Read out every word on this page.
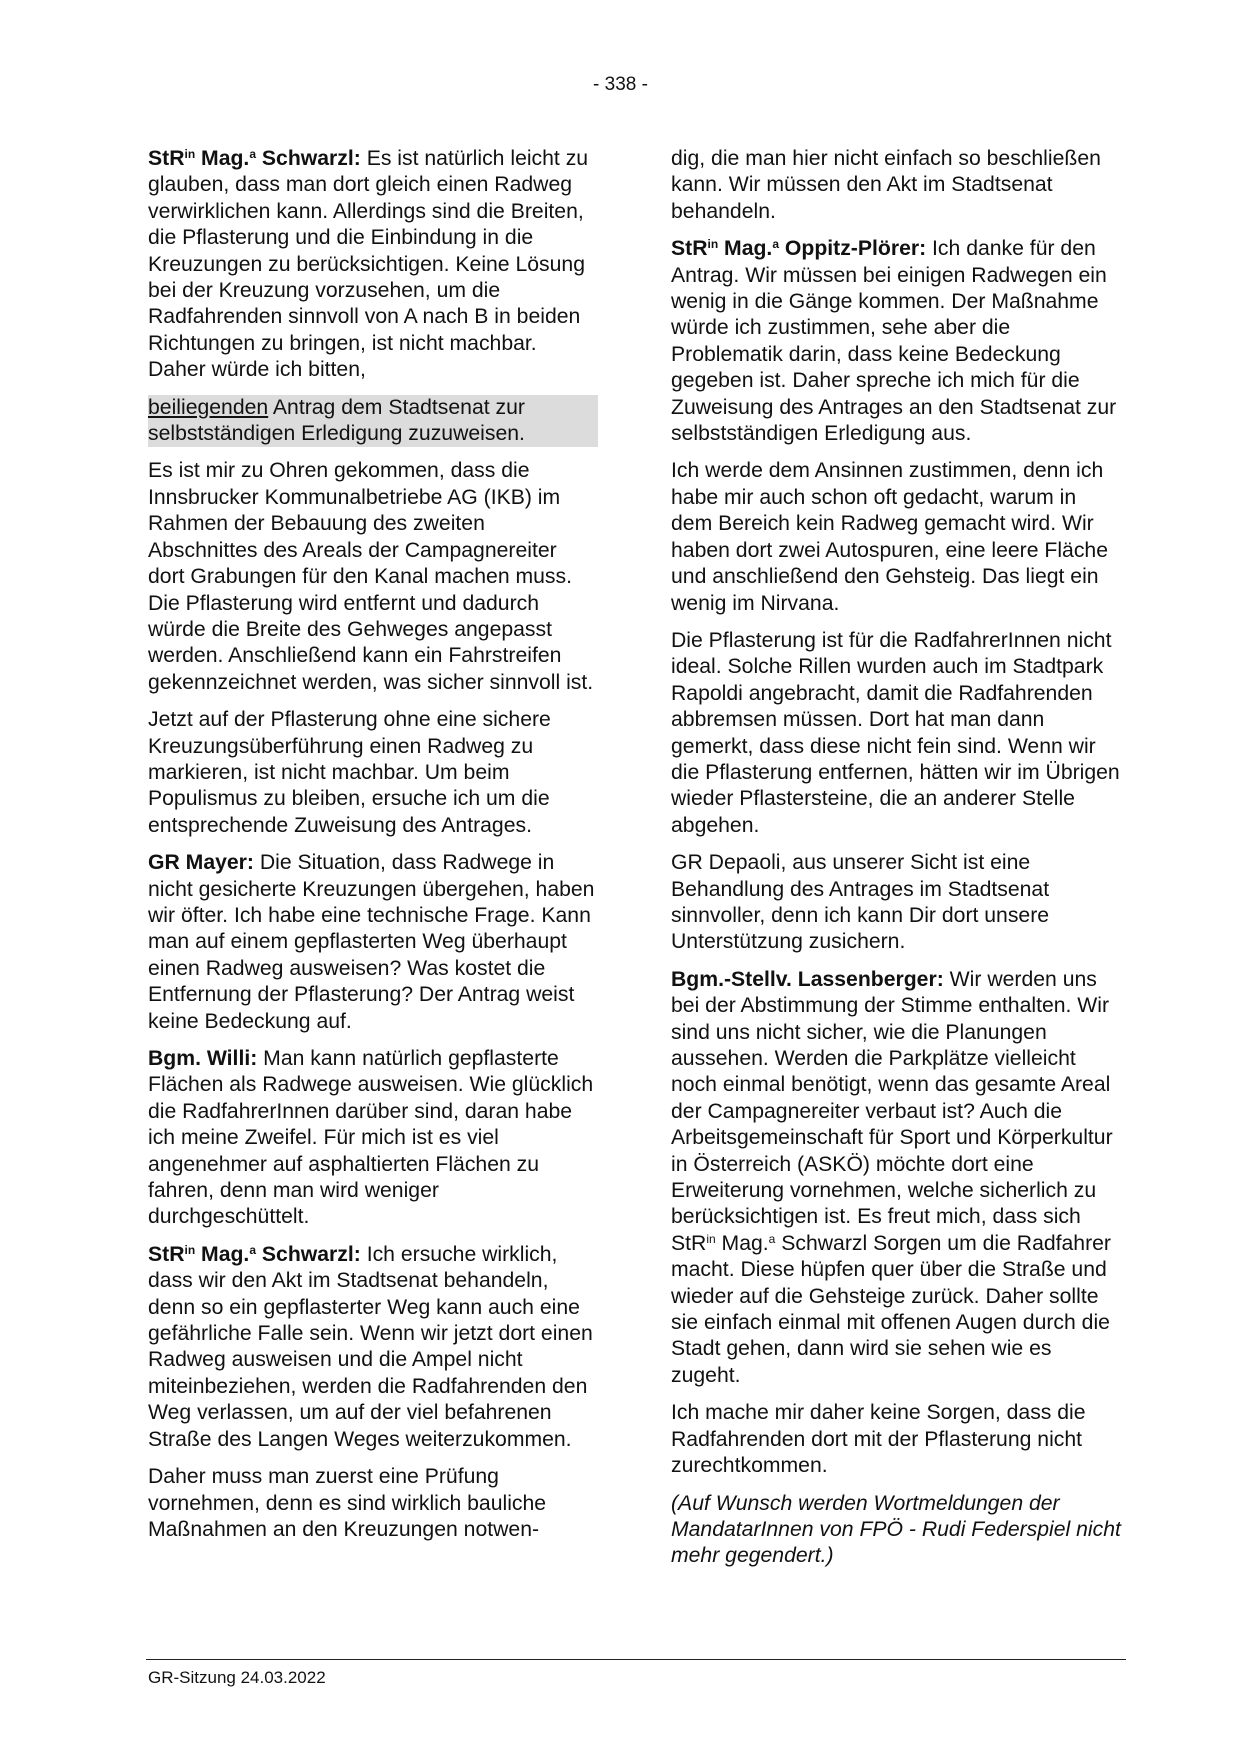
- 338 -

StR$^{in}$ Mag.$^a$ Schwarzl: Es ist natürlich leicht zu glauben, dass man dort gleich einen Radweg verwirklichen kann. Allerdings sind die Breiten, die Pflasterung und die Einbindung in die Kreuzungen zu berücksichtigen. Keine Lösung bei der Kreuzung vorzusehen, um die Radfahrenden sinnvoll von A nach B in beiden Richtungen zu bringen, ist nicht machbar. Daher würde ich bitten,

beiliegenden Antrag dem Stadtsenat zur selbstständigen Erledigung zuzuweisen.

Es ist mir zu Ohren gekommen, dass die Innsbrucker Kommunalbetriebe AG (IKB) im Rahmen der Bebauung des zweiten Abschnittes des Areals der Campagnereiter dort Grabungen für den Kanal machen muss. Die Pflasterung wird entfernt und dadurch würde die Breite des Gehweges angepasst werden. Anschließend kann ein Fahrstreifen gekennzeichnet werden, was sicher sinnvoll ist.

Jetzt auf der Pflasterung ohne eine sichere Kreuzungsüberführung einen Radweg zu markieren, ist nicht machbar. Um beim Populismus zu bleiben, ersuche ich um die entsprechende Zuweisung des Antrages.

GR Mayer: Die Situation, dass Radwege in nicht gesicherte Kreuzungen übergehen, haben wir öfter. Ich habe eine technische Frage. Kann man auf einem gepflasterten Weg überhaupt einen Radweg ausweisen? Was kostet die Entfernung der Pflasterung? Der Antrag weist keine Bedeckung auf.

Bgm. Willi: Man kann natürlich gepflasterte Flächen als Radwege ausweisen. Wie glücklich die RadfahrerInnen darüber sind, daran habe ich meine Zweifel. Für mich ist es viel angenehmer auf asphaltierten Flächen zu fahren, denn man wird weniger durchgeschüttelt.

StR$^{in}$ Mag.$^a$ Schwarzl: Ich ersuche wirklich, dass wir den Akt im Stadtsenat behandeln, denn so ein gepflasterter Weg kann auch eine gefährliche Falle sein. Wenn wir jetzt dort einen Radweg ausweisen und die Ampel nicht miteinbeziehen, werden die Radfahrenden den Weg verlassen, um auf der viel befahrenen Straße des Langen Weges weiterzukommen.

Daher muss man zuerst eine Prüfung vornehmen, denn es sind wirklich bauliche Maßnahmen an den Kreuzungen notwen-

dig, die man hier nicht einfach so beschließen kann. Wir müssen den Akt im Stadtsenat behandeln.

StR$^{in}$ Mag.$^a$ Oppitz-Plörer: Ich danke für den Antrag. Wir müssen bei einigen Radwegen ein wenig in die Gänge kommen. Der Maßnahme würde ich zustimmen, sehe aber die Problematik darin, dass keine Bedeckung gegeben ist. Daher spreche ich mich für die Zuweisung des Antrages an den Stadtsenat zur selbstständigen Erledigung aus.

Ich werde dem Ansinnen zustimmen, denn ich habe mir auch schon oft gedacht, warum in dem Bereich kein Radweg gemacht wird. Wir haben dort zwei Autospuren, eine leere Fläche und anschließend den Gehsteig. Das liegt ein wenig im Nirvana.

Die Pflasterung ist für die RadfahrerInnen nicht ideal. Solche Rillen wurden auch im Stadtpark Rapoldi angebracht, damit die Radfahrenden abbremsen müssen. Dort hat man dann gemerkt, dass diese nicht fein sind. Wenn wir die Pflasterung entfernen, hätten wir im Übrigen wieder Pflastersteine, die an anderer Stelle abgehen.

GR Depaoli, aus unserer Sicht ist eine Behandlung des Antrages im Stadtsenat sinnvoller, denn ich kann Dir dort unsere Unterstützung zusichern.

Bgm.-Stellv. Lassenberger: Wir werden uns bei der Abstimmung der Stimme enthalten. Wir sind uns nicht sicher, wie die Planungen aussehen. Werden die Parkplätze vielleicht noch einmal benötigt, wenn das gesamte Areal der Campagnereiter verbaut ist? Auch die Arbeitsgemeinschaft für Sport und Körperkultur in Österreich (ASKÖ) möchte dort eine Erweiterung vornehmen, welche sicherlich zu berücksichtigen ist. Es freut mich, dass sich StR$^{in}$ Mag.$^a$ Schwarzl Sorgen um die Radfahrer macht. Diese hüpfen quer über die Straße und wieder auf die Gehsteige zurück. Daher sollte sie einfach einmal mit offenen Augen durch die Stadt gehen, dann wird sie sehen wie es zugeht.

Ich mache mir daher keine Sorgen, dass die Radfahrenden dort mit der Pflasterung nicht zurechtkommen.

(Auf Wunsch werden Wortmeldungen der MandatarInnen von FPÖ - Rudi Federspiel nicht mehr gegendert.)

GR-Sitzung 24.03.2022
